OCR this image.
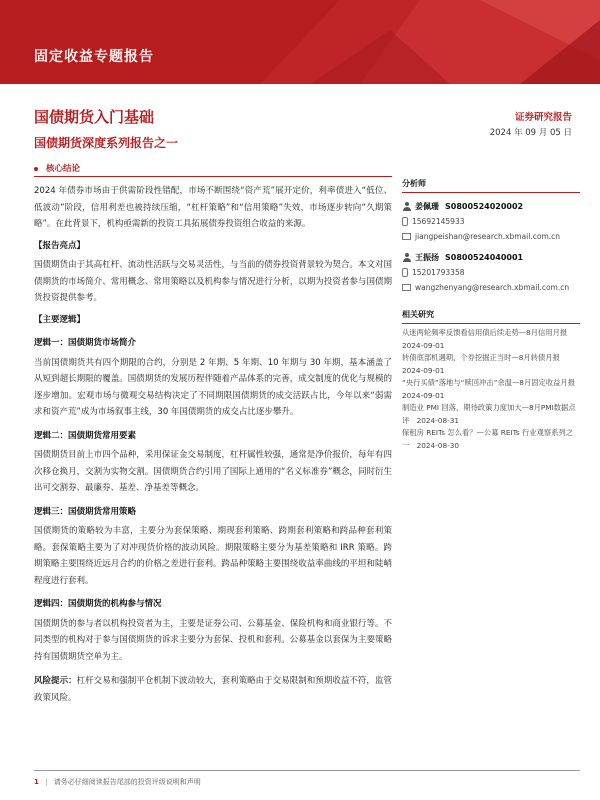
固定收益专题报告
国债期货入门基础
国债期货深度系列报告之一
证券研究报告
2024 年 09 月 05 日
核心结论
2024 年债券市场由于供需阶段性错配，市场不断围绕“资产荒”展开定价，利率债进入“低位、低波动”阶段，信用利差也被持续压缩，“杠杆策略”和“信用策略”失效，市场逐步转向“久期策略”。在此背景下，机构亟需新的投资工具拓展债券投资组合收益的来源。
【报告亮点】
国债期货由于其高杠杆、流动性活跃与交易灵活性，与当前的债券投资背景较为契合。本文对国债期货的市场简介、常用概念、常用策略以及机构参与情况进行分析，以期为投资者参与国债期货投资提供参考。
【主要逻辑】
逻辑一：国债期货市场简介
当前国债期货共有四个期限的合约，分别是 2 年期、5 年期、10 年期与 30 年期，基本涵盖了从短到超长期限的覆盖。国债期货的发展历程伴随着产品体系的完善，成交制度的优化与规模的逐步增加。宏观市场与微观交易结构决定了不同期限国债期货的成交活跃占比，今年以来“弱需求和资产荒”成为市场叙事主线，30 年国债期货的成交占比逐步攀升。
逻辑二：国债期货常用要素
国债期货目前上市四个品种，采用保证金交易制度，杠杆属性较强，通常是净价报价，每年有四次移仓换月，交割为实物交割。国债期货合约引用了国际上通用的“名义标准券”概念，同时衍生出可交割券、最廉券、基差、净基差等概念。
逻辑三：国债期货常用策略
国债期货的策略较为丰富，主要分为套保策略、期现套利策略、跨期套利策略和跨品种套利策略。套保策略主要为了对冲现货价格的波动风险。期限策略主要分为基差策略和 IRR 策略。跨期策略主要围绕近远月合约的价格之差进行套利。跨品种策略主要围绕收益率曲线的平坦和陡峭程度进行套利。
逻辑四：国债期货的机构参与情况
国债期货的参与者以机构投资者为主，主要是证券公司、公募基金、保险机构和商业银行等。不同类型的机构对于参与国债期货的诉求主要分为套保、投机和套利。公募基金以套保为主要策略持有国债期货空单为主。
风险提示：杠杆交易和强制平仓机制下波动较大，套利策略由于交易限制和预期收益不符，监管政策风险。
分析师
姜佩珊 S0800524020002
15692145933
jiangpeishan@research.xbmail.com.cn
王振扬 S0800524040001
15201793358
wangzhenyang@research.xbmail.com.cn
相关研究
从迷两轮频率反馈看信用债后续走势—8月信用月报　2024-09-01
转债底部机遇期，个券挖掘正当时—8月转债月报　2024-09-01
“央行买债”落地与“赎回冲击”余温—8月固定收益月报　2024-09-01
制造业 PMI 回落，期待政策力度加大—8月PMI数据点评　2024-08-31
保租房 REITs 怎么看？—公募 REITs 行业观察系列之一　2024-08-30
1 | 请务必仔细阅读报告尾部的投资评级说明和声明
